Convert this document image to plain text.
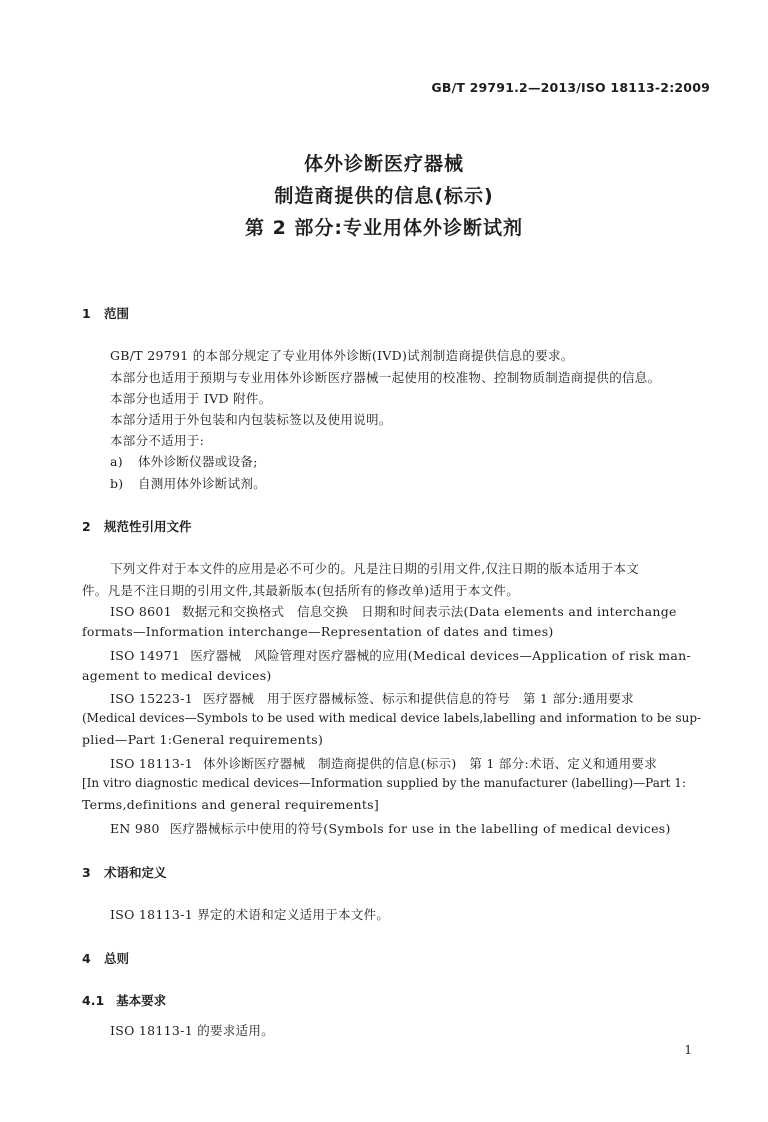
GB/T 29791.2—2013/ISO 18113-2:2009
体外诊断医疗器械
制造商提供的信息(标示)
第 2 部分:专业用体外诊断试剂
1 范围
GB/T 29791 的本部分规定了专业用体外诊断(IVD)试剂制造商提供信息的要求。
本部分也适用于预期与专业用体外诊断医疗器械一起使用的校准物、控制物质制造商提供的信息。
本部分也适用于 IVD 附件。
本部分适用于外包装和内包装标签以及使用说明。
本部分不适用于:
a) 体外诊断仪器或设备;
b) 自测用体外诊断试剂。
2 规范性引用文件
下列文件对于本文件的应用是必不可少的。凡是注日期的引用文件,仅注日期的版本适用于本文
件。凡是不注日期的引用文件,其最新版本(包括所有的修改单)适用于本文件。
ISO 8601 数据元和交换格式　信息交换　日期和时间表示法(Data elements and interchange
formats—Information interchange—Representation of dates and times)
ISO 14971 医疗器械　风险管理对医疗器械的应用(Medical devices—Application of risk man-
agement to medical devices)
ISO 15223-1 医疗器械　用于医疗器械标签、标示和提供信息的符号　第 1 部分:通用要求
(Medical devices—Symbols to be used with medical device labels,labelling and information to be sup-
plied—Part 1:General requirements)
ISO 18113-1 体外诊断医疗器械　制造商提供的信息(标示)　第 1 部分:术语、定义和通用要求
[In vitro diagnostic medical devices—Information supplied by the manufacturer (labelling)—Part 1:
Terms,definitions and general requirements]
EN 980 医疗器械标示中使用的符号(Symbols for use in the labelling of medical devices)
3 术语和定义
ISO 18113-1 界定的术语和定义适用于本文件。
4 总则
4.1 基本要求
ISO 18113-1 的要求适用。
1
